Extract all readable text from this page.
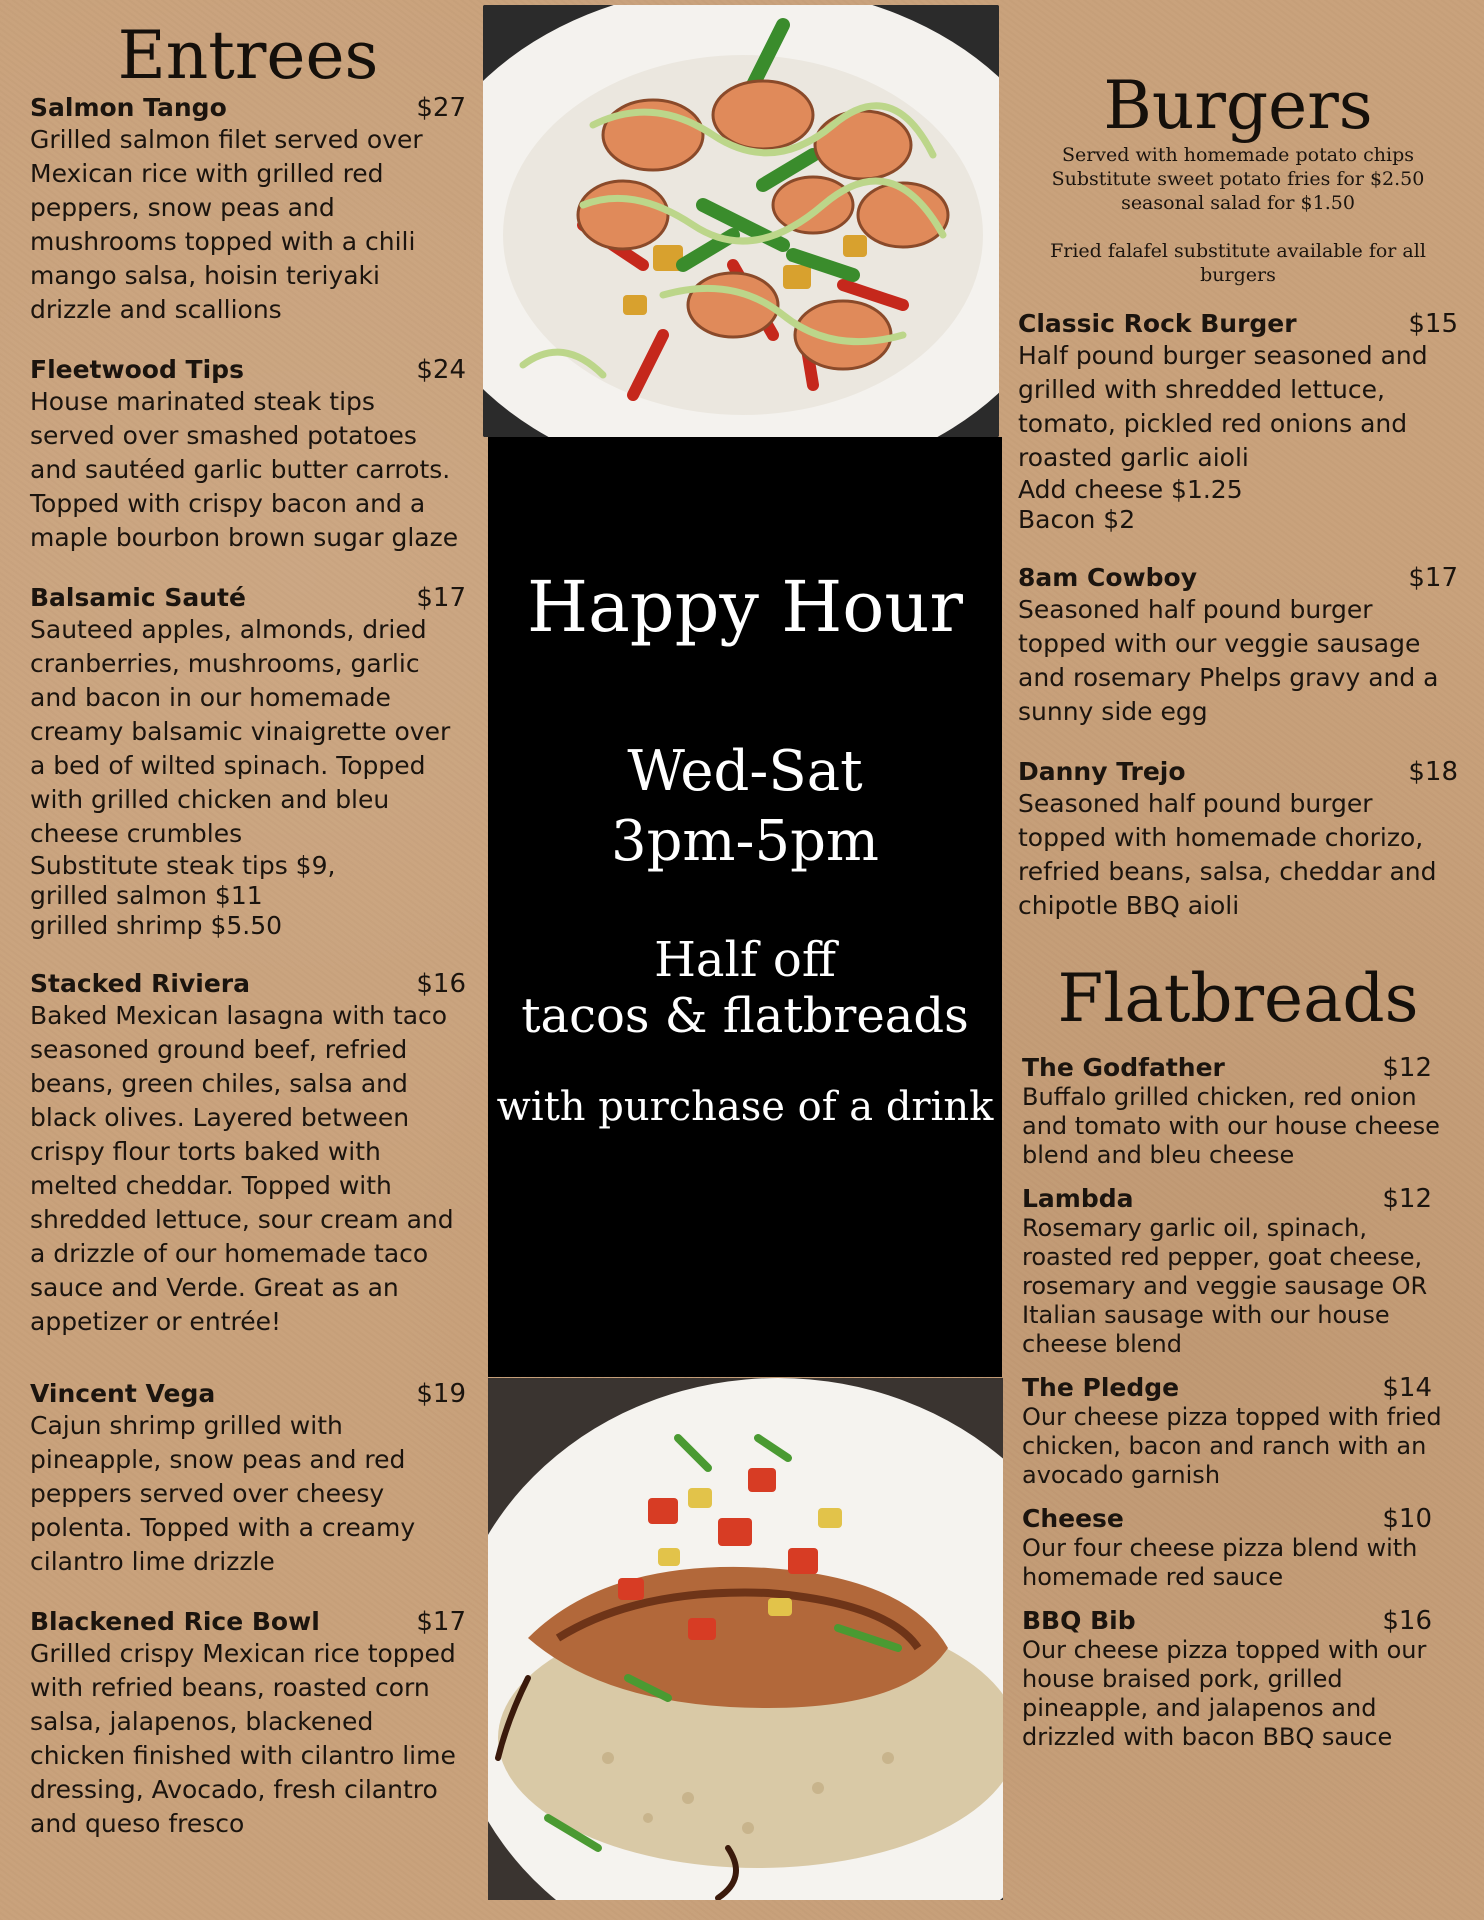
Entrees
Salmon Tango	$27
Grilled salmon filet served over Mexican rice with grilled red peppers, snow peas and mushrooms topped with a chili mango salsa, hoisin teriyaki drizzle and scallions
Fleetwood Tips	$24
House marinated steak tips served over smashed potatoes and sautéed garlic butter carrots. Topped with crispy bacon and a maple bourbon brown sugar glaze
Balsamic Sauté	$17
Sauteed apples, almonds, dried cranberries, mushrooms, garlic and bacon in our homemade creamy balsamic vinaigrette over a bed of wilted spinach. Topped with grilled chicken and bleu cheese crumbles
Substitute steak tips $9,
grilled salmon $11
grilled shrimp $5.50
Stacked Riviera	$16
Baked Mexican lasagna with taco seasoned ground beef, refried beans, green chiles, salsa and black olives. Layered between crispy flour torts baked with melted cheddar. Topped with shredded lettuce, sour cream and a drizzle of our homemade taco sauce and Verde. Great as an appetizer or entrée!
Vincent Vega	$19
Cajun shrimp grilled with pineapple, snow peas and red peppers served over cheesy polenta. Topped with a creamy cilantro lime drizzle
Blackened Rice Bowl	$17
Grilled crispy Mexican rice topped with refried beans, roasted corn salsa, jalapenos, blackened chicken finished with cilantro lime dressing, Avocado, fresh cilantro and queso fresco
Happy Hour
Wed-Sat
3pm-5pm
Half off
tacos & flatbreads
with purchase of a drink
Burgers

Served with homemade potato chips

Substitute sweet potato fries for $2.50

seasonal salad for $1.50

Fried falafel substitute available for all burgers

Classic Rock Burger	$15
Half pound burger seasoned and grilled with shredded lettuce, tomato, pickled red onions and roasted garlic aioli
Add cheese $1.25
Bacon $2
8am Cowboy	$17
Seasoned half pound burger topped with our veggie sausage and rosemary Phelps gravy and a sunny side egg
Danny Trejo	$18
Seasoned half pound burger topped with homemade chorizo, refried beans, salsa, cheddar and chipotle BBQ aioli
Flatbreads
The Godfather	$12
Buffalo grilled chicken, red onion and tomato with our house cheese blend and bleu cheese
Lambda	$12
Rosemary garlic oil, spinach, roasted red pepper, goat cheese, rosemary and veggie sausage OR Italian sausage with our house cheese blend
The Pledge	$14
Our cheese pizza topped with fried chicken, bacon and ranch with an avocado garnish
Cheese	$10
Our four cheese pizza blend with homemade red sauce
BBQ Bib	$16
Our cheese pizza topped with our house braised pork, grilled pineapple, and jalapenos and drizzled with bacon BBQ sauce
